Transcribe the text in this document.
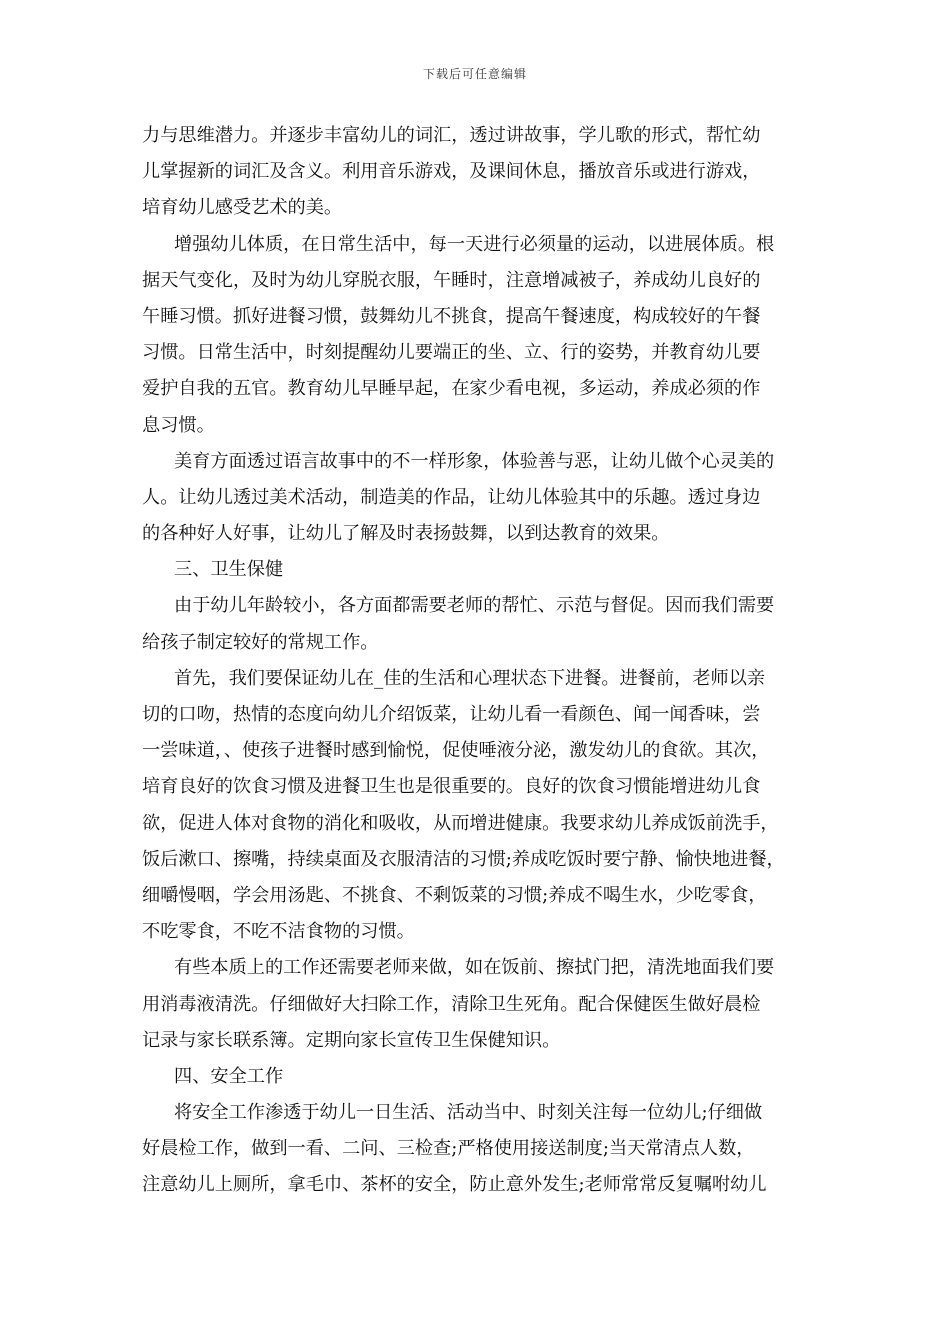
下载后可任意编辑
力与思维潜力。并逐步丰富幼儿的词汇，透过讲故事，学儿歌的形式，帮忙幼
儿掌握新的词汇及含义。利用音乐游戏，及课间休息，播放音乐或进行游戏，
培育幼儿感受艺术的美。
增强幼儿体质，在日常生活中，每一天进行必须量的运动，以进展体质。根
据天气变化，及时为幼儿穿脱衣服，午睡时，注意增减被子，养成幼儿良好的
午睡习惯。抓好进餐习惯，鼓舞幼儿不挑食，提高午餐速度，构成较好的午餐
习惯。日常生活中，时刻提醒幼儿要端正的坐、立、行的姿势，并教育幼儿要
爱护自我的五官。教育幼儿早睡早起，在家少看电视，多运动，养成必须的作
息习惯。
美育方面透过语言故事中的不一样形象，体验善与恶，让幼儿做个心灵美的
人。让幼儿透过美术活动，制造美的作品，让幼儿体验其中的乐趣。透过身边
的各种好人好事，让幼儿了解及时表扬鼓舞，以到达教育的效果。
三、卫生保健
由于幼儿年龄较小，各方面都需要老师的帮忙、示范与督促。因而我们需要
给孩子制定较好的常规工作。
首先，我们要保证幼儿在_佳的生活和心理状态下进餐。进餐前，老师以亲
切的口吻，热情的态度向幼儿介绍饭菜，让幼儿看一看颜色、闻一闻香味，尝
一尝味道，、使孩子进餐时感到愉悦，促使唾液分泌，激发幼儿的食欲。其次，
培育良好的饮食习惯及进餐卫生也是很重要的。良好的饮食习惯能增进幼儿食
欲，促进人体对食物的消化和吸收，从而增进健康。我要求幼儿养成饭前洗手，
饭后漱口、擦嘴，持续桌面及衣服清洁的习惯;养成吃饭时要宁静、愉快地进餐，
细嚼慢咽，学会用汤匙、不挑食、不剩饭菜的习惯;养成不喝生水，少吃零食，
不吃零食，不吃不洁食物的习惯。
有些本质上的工作还需要老师来做，如在饭前、擦拭门把，清洗地面我们要
用消毒液清洗。仔细做好大扫除工作，清除卫生死角。配合保健医生做好晨检
记录与家长联系簿。定期向家长宣传卫生保健知识。
四、安全工作
将安全工作渗透于幼儿一日生活、活动当中、时刻关注每一位幼儿;仔细做
好晨检工作，做到一看、二问、三检查;严格使用接送制度;当天常清点人数，
注意幼儿上厕所，拿毛巾、茶杯的安全，防止意外发生;老师常常反复嘱咐幼儿
